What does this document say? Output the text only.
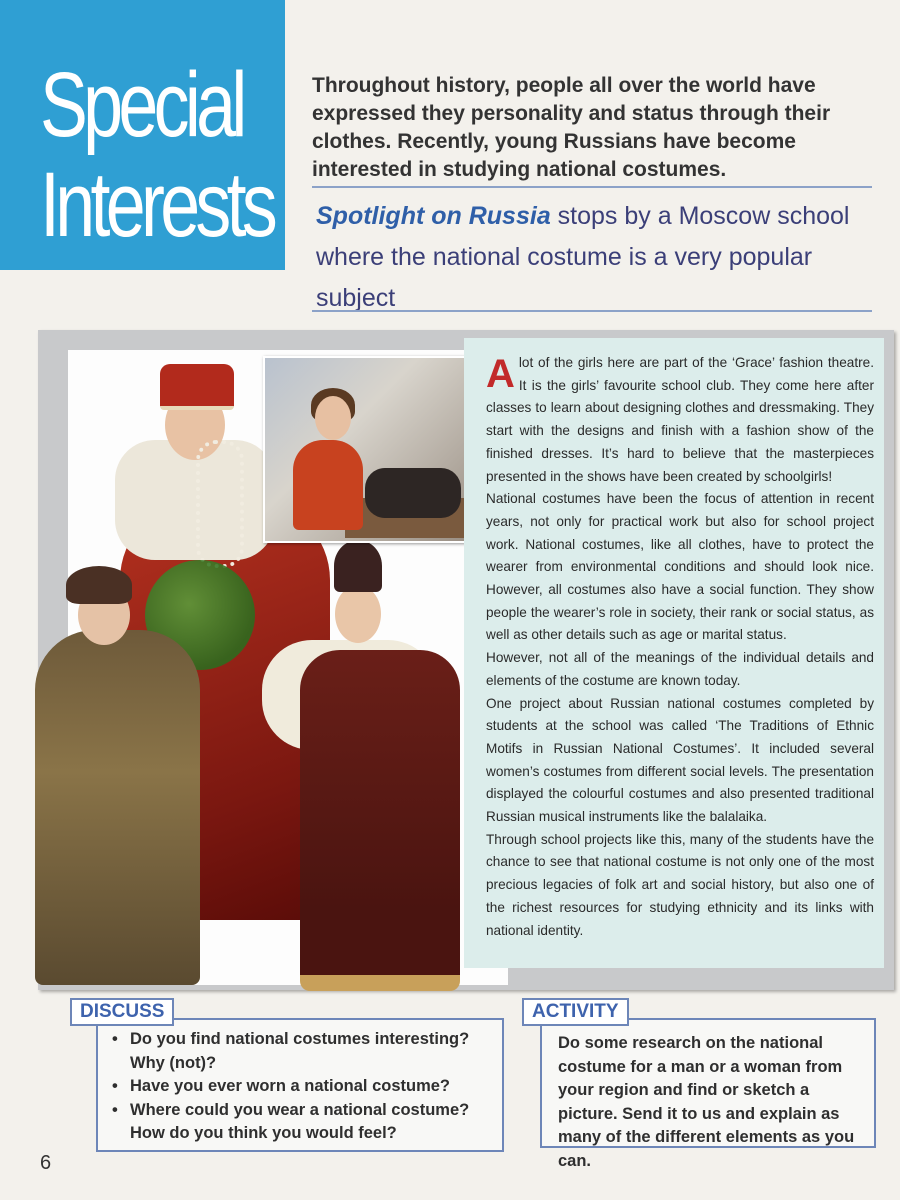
Special
Interests
Throughout history, people all over the world have expressed they personality and status through their clothes. Recently, young Russians have become interested in studying national costumes.
Spotlight on Russia stops by a Moscow school where the national costume is a very popular subject
A lot of the girls here are part of the ‘Grace’ fashion theatre. It is the girls’ favourite school club. They come here after classes to learn about designing clothes and dressmaking. They start with the designs and finish with a fashion show of the finished dresses. It’s hard to believe that the masterpieces presented in the shows have been created by schoolgirls!

National costumes have been the focus of attention in recent years, not only for practical work but also for school project work. National costumes, like all clothes, have to protect the wearer from environmental conditions and should look nice. However, all costumes also have a social function. They show people the wearer’s role in society, their rank or social status, as well as other details such as age or marital status.

However, not all of the meanings of the individual details and elements of the costume are known today.

One project about Russian national costumes completed by students at the school was called ‘The Traditions of Ethnic Motifs in Russian National Costumes’. It included several women’s costumes from different social levels. The presentation displayed the colourful costumes and also presented traditional Russian musical instruments like the balalaika.

Through school projects like this, many of the students have the chance to see that national costume is not only one of the most precious legacies of folk art and social history, but also one of the richest resources for studying ethnicity and its links with national identity.

DISCUSS
• Do you find national costumes interesting? Why (not)?
• Have you ever worn a national costume?
• Where could you wear a national costume? How do you think you would feel?
Do some research on the national costume for a man or a woman from your region and find or sketch a picture. Send it to us and explain as many of the different elements as you can.
ACTIVITY
6
